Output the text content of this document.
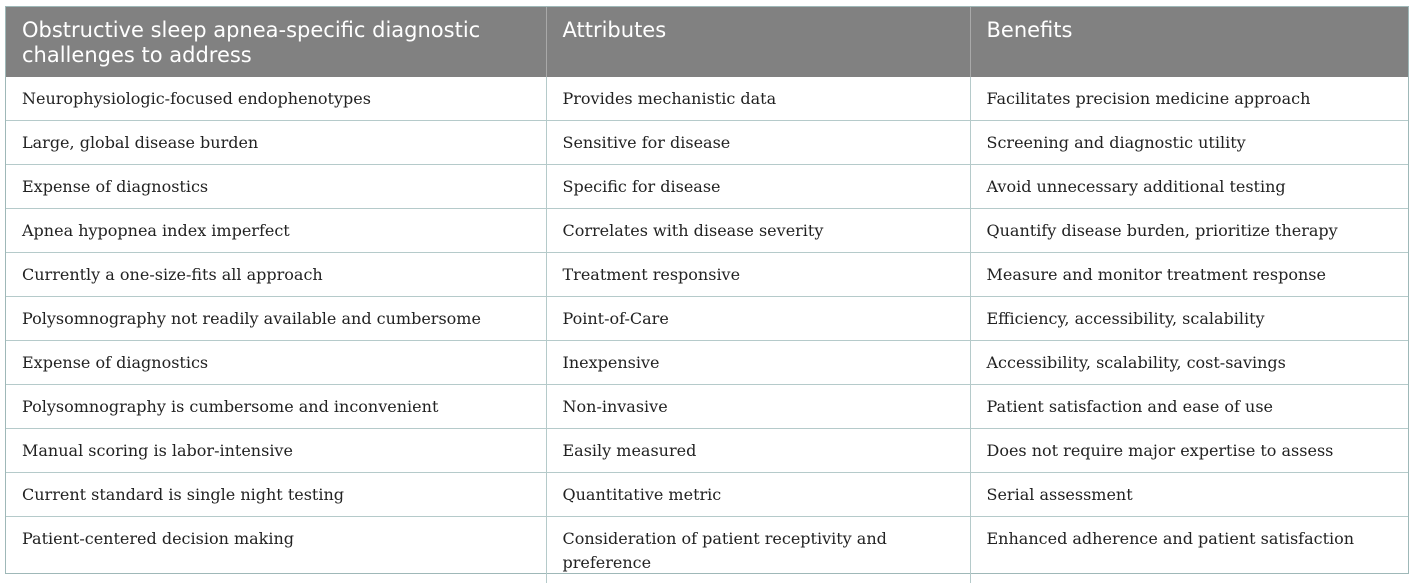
Obstructive sleep apnea-specific diagnostic challenges to address	Attributes	Benefits
Neurophysiologic-focused endophenotypes	Provides mechanistic data	Facilitates precision medicine approach
Large, global disease burden	Sensitive for disease	Screening and diagnostic utility
Expense of diagnostics	Specific for disease	Avoid unnecessary additional testing
Apnea hypopnea index imperfect	Correlates with disease severity	Quantify disease burden, prioritize therapy
Currently a one-size-fits all approach	Treatment responsive	Measure and monitor treatment response
Polysomnography not readily available and cumbersome	Point-of-Care	Efficiency, accessibility, scalability
Expense of diagnostics	Inexpensive	Accessibility, scalability, cost-savings
Polysomnography is cumbersome and inconvenient	Non-invasive	Patient satisfaction and ease of use
Manual scoring is labor-intensive	Easily measured	Does not require major expertise to assess
Current standard is single night testing	Quantitative metric	Serial assessment
Patient-centered decision making	Consideration of patient receptivity and preference	Enhanced adherence and patient satisfaction
